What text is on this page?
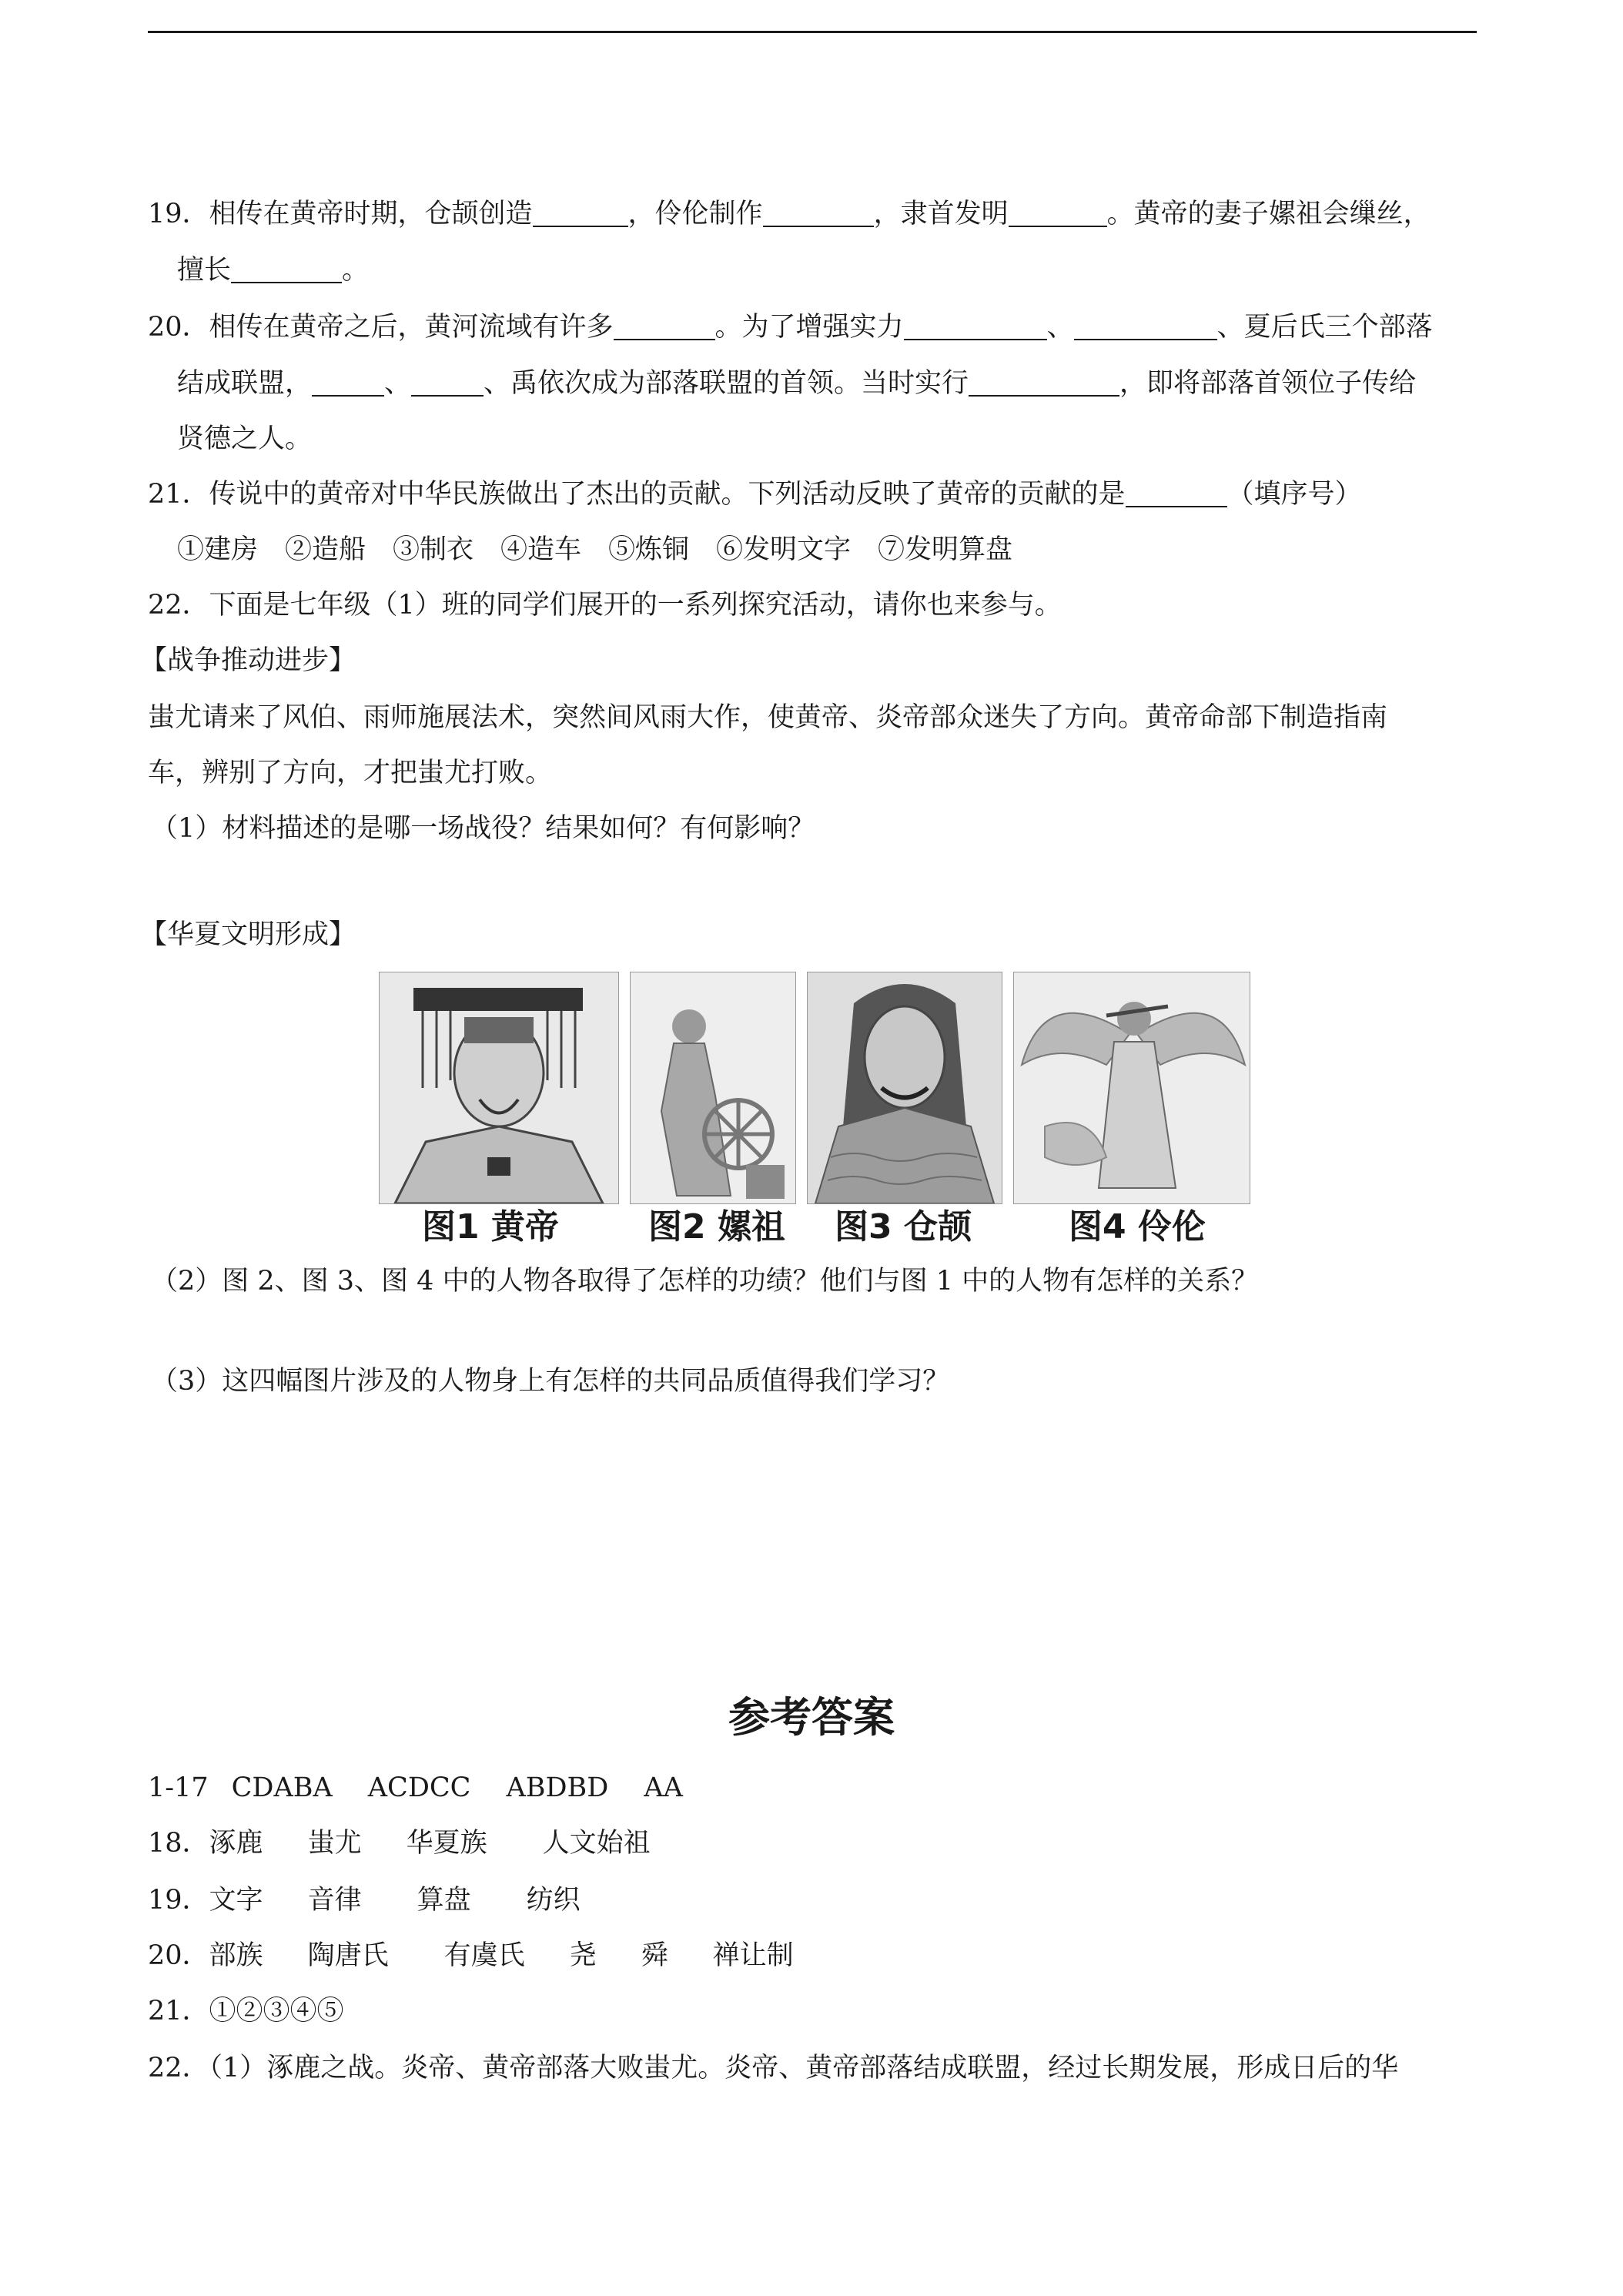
19．相传在黄帝时期，仓颉创造	，伶伦制作	，隶首发明	。黄帝的妻子嫘祖会缫丝，
擅长	。
20．相传在黄帝之后，黄河流域有许多	。为了增强实力	、	、夏后氏三个部落
结成联盟，	、	、禹依次成为部落联盟的首领。当时实行	，即将部落首领位子传给
贤德之人。
21．传说中的黄帝对中华民族做出了杰出的贡献。下列活动反映了黄帝的贡献的是	（填序号）
①建房　②造船　③制衣　④造车　⑤炼铜　⑥发明文字　⑦发明算盘
22．下面是七年级（1）班的同学们展开的一系列探究活动，请你也来参与。
【战争推动进步】
蚩尤请来了风伯、雨师施展法术，突然间风雨大作，使黄帝、炎帝部众迷失了方向。黄帝命部下制造指南
车，辨别了方向，才把蚩尤打败。
（1）材料描述的是哪一场战役？结果如何？有何影响？
【华夏文明形成】
图1 黄帝	图2 嫘祖 图3 仓颉	图4 伶伦
（2）图 2、图 3、图 4 中的人物各取得了怎样的功绩？他们与图 1 中的人物有怎样的关系？
（3）这四幅图片涉及的人物身上有怎样的共同品质值得我们学习？
参考答案
1-17 CDABA ACDCC ABDBD AA
18．涿鹿 蚩尤 华夏族 人文始祖
19．文字 音律 算盘 纺织
20．部族 陶唐氏 有虞氏 尧 舜 禅让制
21．①②③④⑤
22．（1）涿鹿之战。炎帝、黄帝部落大败蚩尤。炎帝、黄帝部落结成联盟，经过长期发展，形成日后的华
